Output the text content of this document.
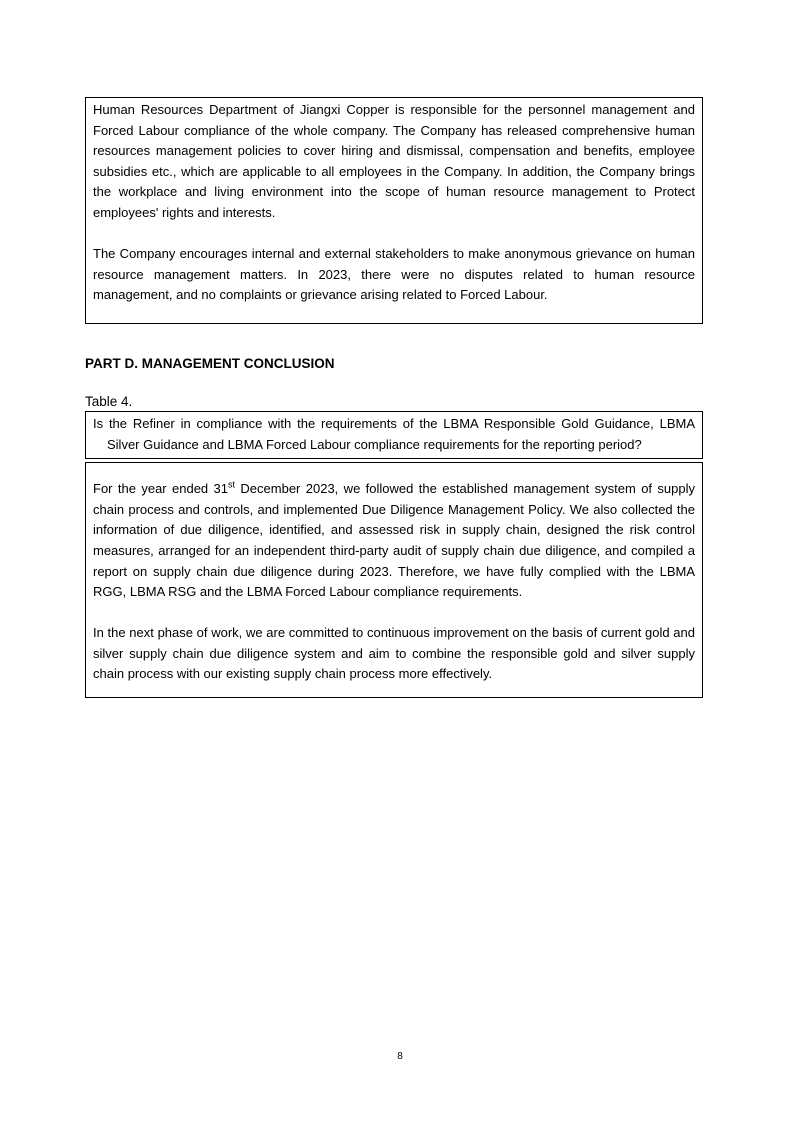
Human Resources Department of Jiangxi Copper is responsible for the personnel management and Forced Labour compliance of the whole company. The Company has released comprehensive human resources management policies to cover hiring and dismissal, compensation and benefits, employee subsidies etc., which are applicable to all employees in the Company. In addition, the Company brings the workplace and living environment into the scope of human resource management to Protect employees' rights and interests.

The Company encourages internal and external stakeholders to make anonymous grievance on human resource management matters. In 2023, there were no disputes related to human resource management, and no complaints or grievance arising related to Forced Labour.

PART D. MANAGEMENT CONCLUSION

Table 4.

Is the Refiner in compliance with the requirements of the LBMA Responsible Gold Guidance, LBMA Silver Guidance and LBMA Forced Labour compliance requirements for the reporting period?

For the year ended 31st December 2023, we followed the established management system of supply chain process and controls, and implemented Due Diligence Management Policy. We also collected the information of due diligence, identified, and assessed risk in supply chain, designed the risk control measures, arranged for an independent third-party audit of supply chain due diligence, and compiled a report on supply chain due diligence during 2023. Therefore, we have fully complied with the LBMA RGG, LBMA RSG and the LBMA Forced Labour compliance requirements.

In the next phase of work, we are committed to continuous improvement on the basis of current gold and silver supply chain due diligence system and aim to combine the responsible gold and silver supply chain process with our existing supply chain process more effectively.

8
